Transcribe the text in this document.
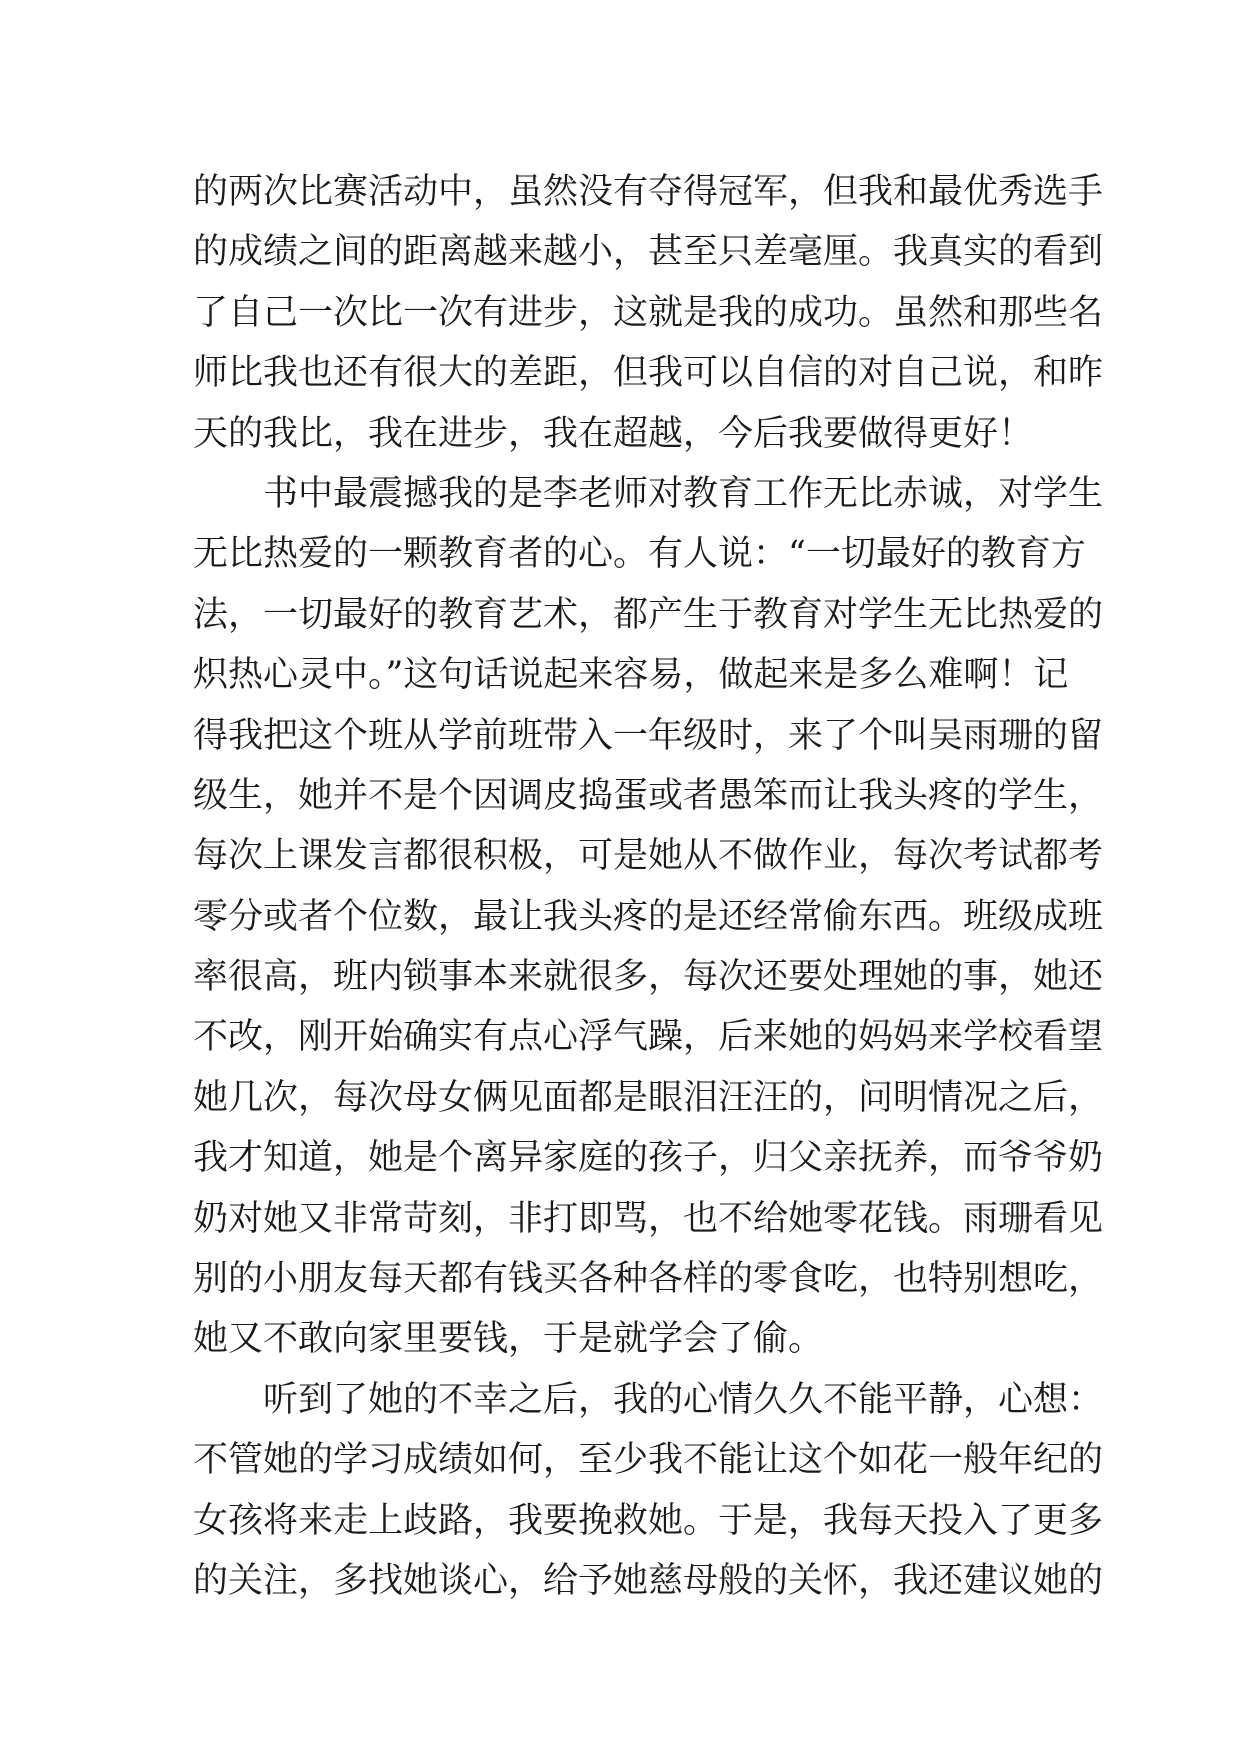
的两次比赛活动中，虽然没有夺得冠军，但我和最优秀选手
的成绩之间的距离越来越小，甚至只差毫厘。我真实的看到
了自己一次比一次有进步，这就是我的成功。虽然和那些名
师比我也还有很大的差距，但我可以自信的对自己说，和昨
天的我比，我在进步，我在超越，今后我要做得更好！
书中最震撼我的是李老师对教育工作无比赤诚，对学生
无比热爱的一颗教育者的心。有人说：“一切最好的教育方
法，一切最好的教育艺术，都产生于教育对学生无比热爱的
炽热心灵中。”这句话说起来容易，做起来是多么难啊！记
得我把这个班从学前班带入一年级时，来了个叫吴雨珊的留
级生，她并不是个因调皮捣蛋或者愚笨而让我头疼的学生，
每次上课发言都很积极，可是她从不做作业，每次考试都考
零分或者个位数，最让我头疼的是还经常偷东西。班级成班
率很高，班内锁事本来就很多，每次还要处理她的事，她还
不改，刚开始确实有点心浮气躁，后来她的妈妈来学校看望
她几次，每次母女俩见面都是眼泪汪汪的，问明情况之后，
我才知道，她是个离异家庭的孩子，归父亲抚养，而爷爷奶
奶对她又非常苛刻，非打即骂，也不给她零花钱。雨珊看见
别的小朋友每天都有钱买各种各样的零食吃，也特别想吃，
她又不敢向家里要钱，于是就学会了偷。
听到了她的不幸之后，我的心情久久不能平静，心想：
不管她的学习成绩如何，至少我不能让这个如花一般年纪的
女孩将来走上歧路，我要挽救她。于是，我每天投入了更多
的关注，多找她谈心，给予她慈母般的关怀，我还建议她的
